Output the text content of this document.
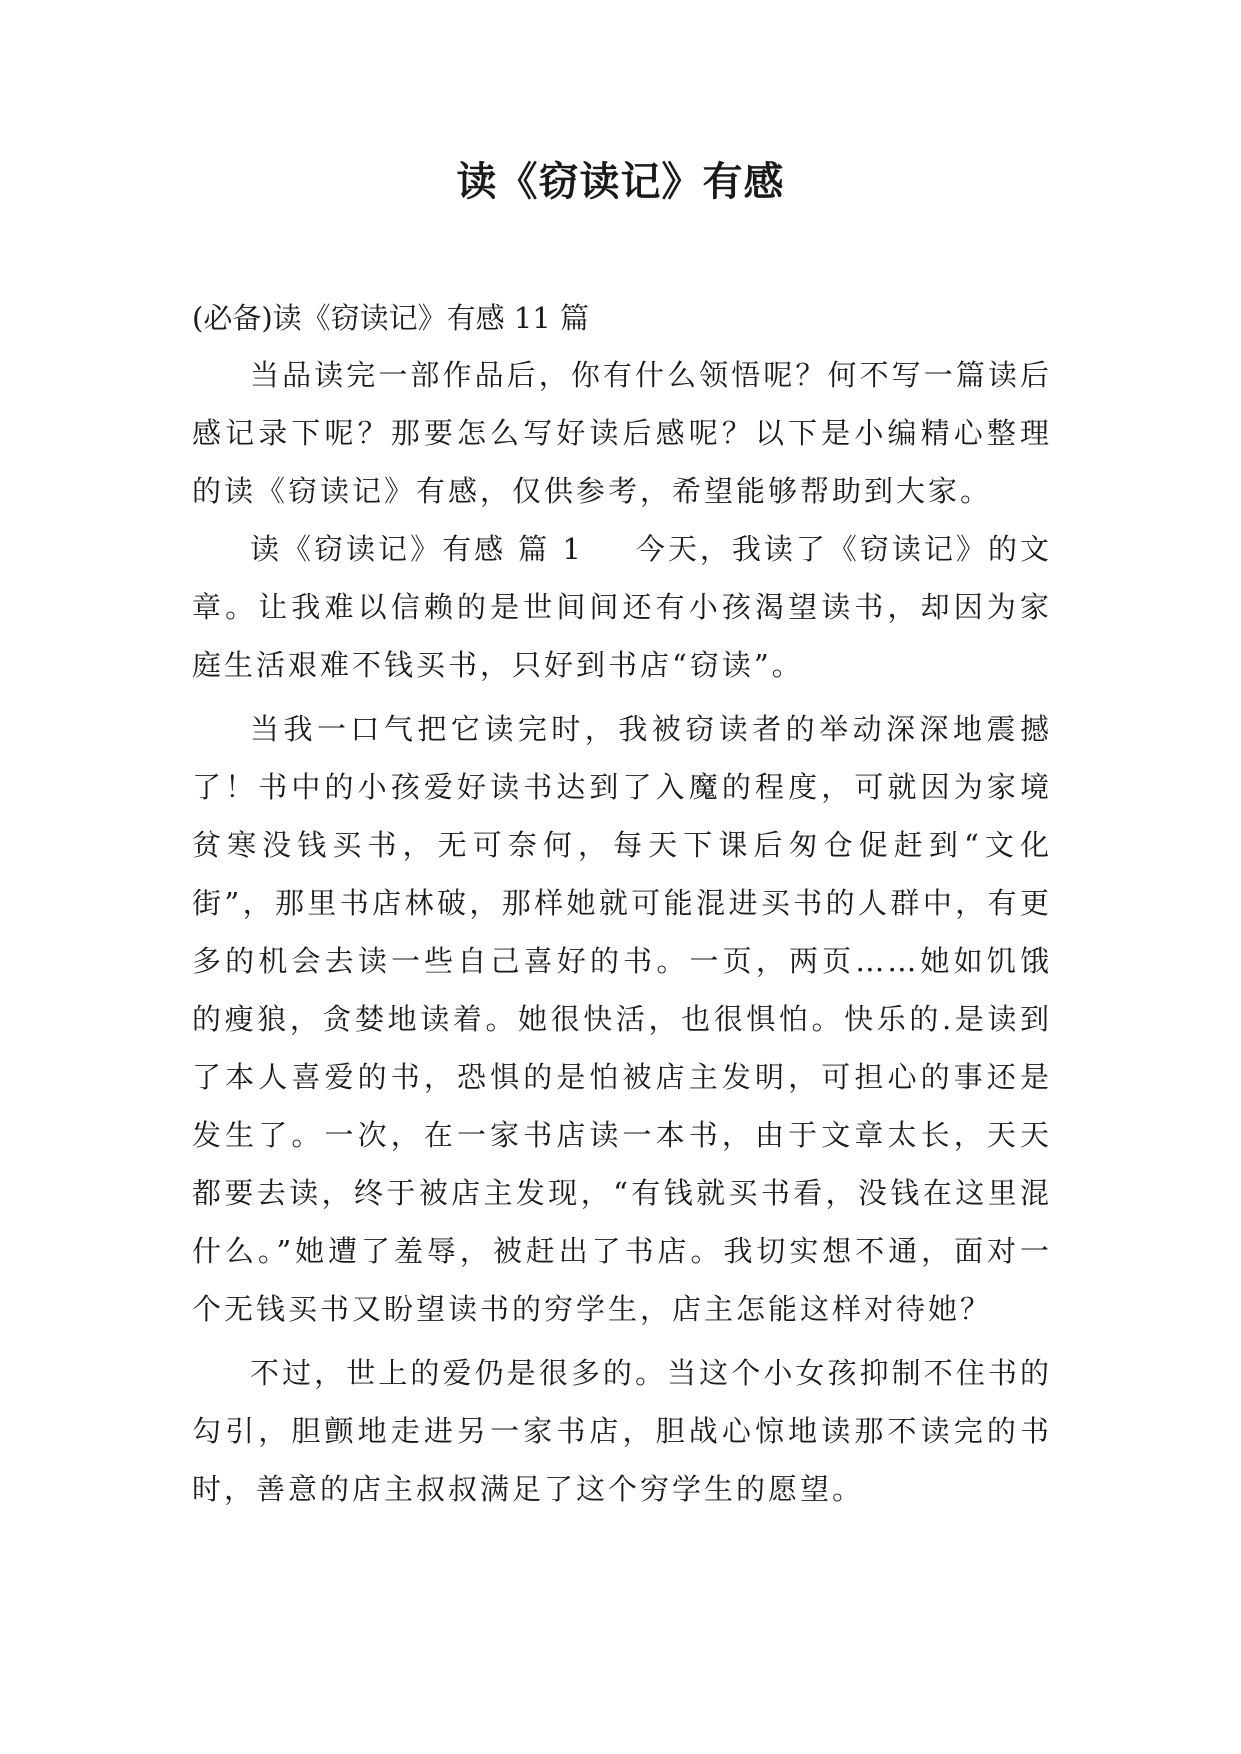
读《窃读记》有感

(必备)读《窃读记》有感 11 篇

当品读完一部作品后，你有什么领悟呢？何不写一篇读后感记录下呢？那要怎么写好读后感呢？以下是小编精心整理的读《窃读记》有感，仅供参考，希望能够帮助到大家。

读《窃读记》有感 篇 1 今天，我读了《窃读记》的文章。让我难以信赖的是世间间还有小孩渴望读书，却因为家庭生活艰难不钱买书，只好到书店“窃读”。

当我一口气把它读完时，我被窃读者的举动深深地震撼了！书中的小孩爱好读书达到了入魔的程度，可就因为家境贫寒没钱买书，无可奈何，每天下课后匆仓促赶到“文化街”，那里书店林破，那样她就可能混进买书的人群中，有更多的机会去读一些自己喜好的书。一页，两页……她如饥饿的瘦狼，贪婪地读着。她很快活，也很惧怕。快乐的.是读到了本人喜爱的书，恐惧的是怕被店主发明，可担心的事还是发生了。一次，在一家书店读一本书，由于文章太长，天天都要去读，终于被店主发现，“有钱就买书看，没钱在这里混什么。”她遭了羞辱，被赶出了书店。我切实想不通，面对一个无钱买书又盼望读书的穷学生，店主怎能这样对待她？

不过，世上的爱仍是很多的。当这个小女孩抑制不住书的勾引，胆颤地走进另一家书店，胆战心惊地读那不读完的书时，善意的店主叔叔满足了这个穷学生的愿望。
